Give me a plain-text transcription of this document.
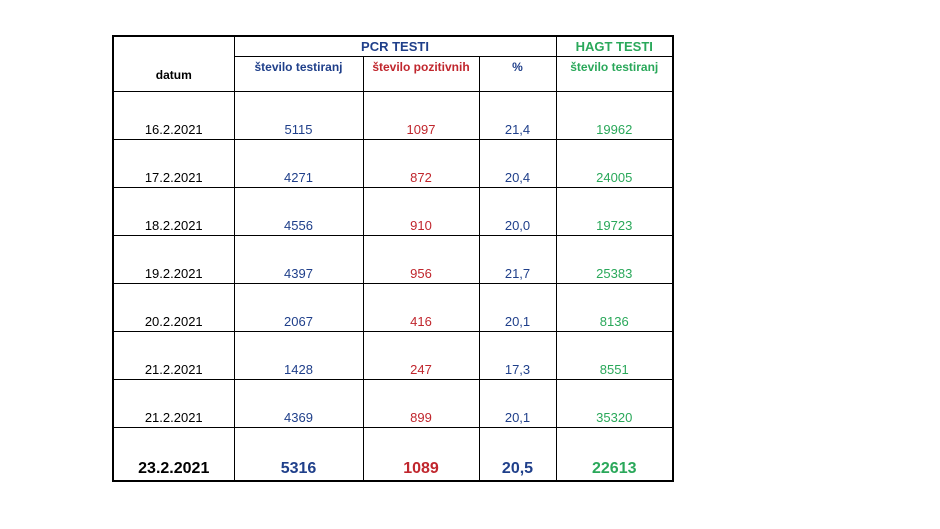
datum	PCR TESTI			HAGT TESTI
	število testiranj	število pozitivnih	%	število testiranj
16.2.2021	5115	1097	21,4	19962
17.2.2021	4271	872	20,4	24005
18.2.2021	4556	910	20,0	19723
19.2.2021	4397	956	21,7	25383
20.2.2021	2067	416	20,1	8136
21.2.2021	1428	247	17,3	8551
21.2.2021	4369	899	20,1	35320
23.2.2021	5316	1089	20,5	22613
